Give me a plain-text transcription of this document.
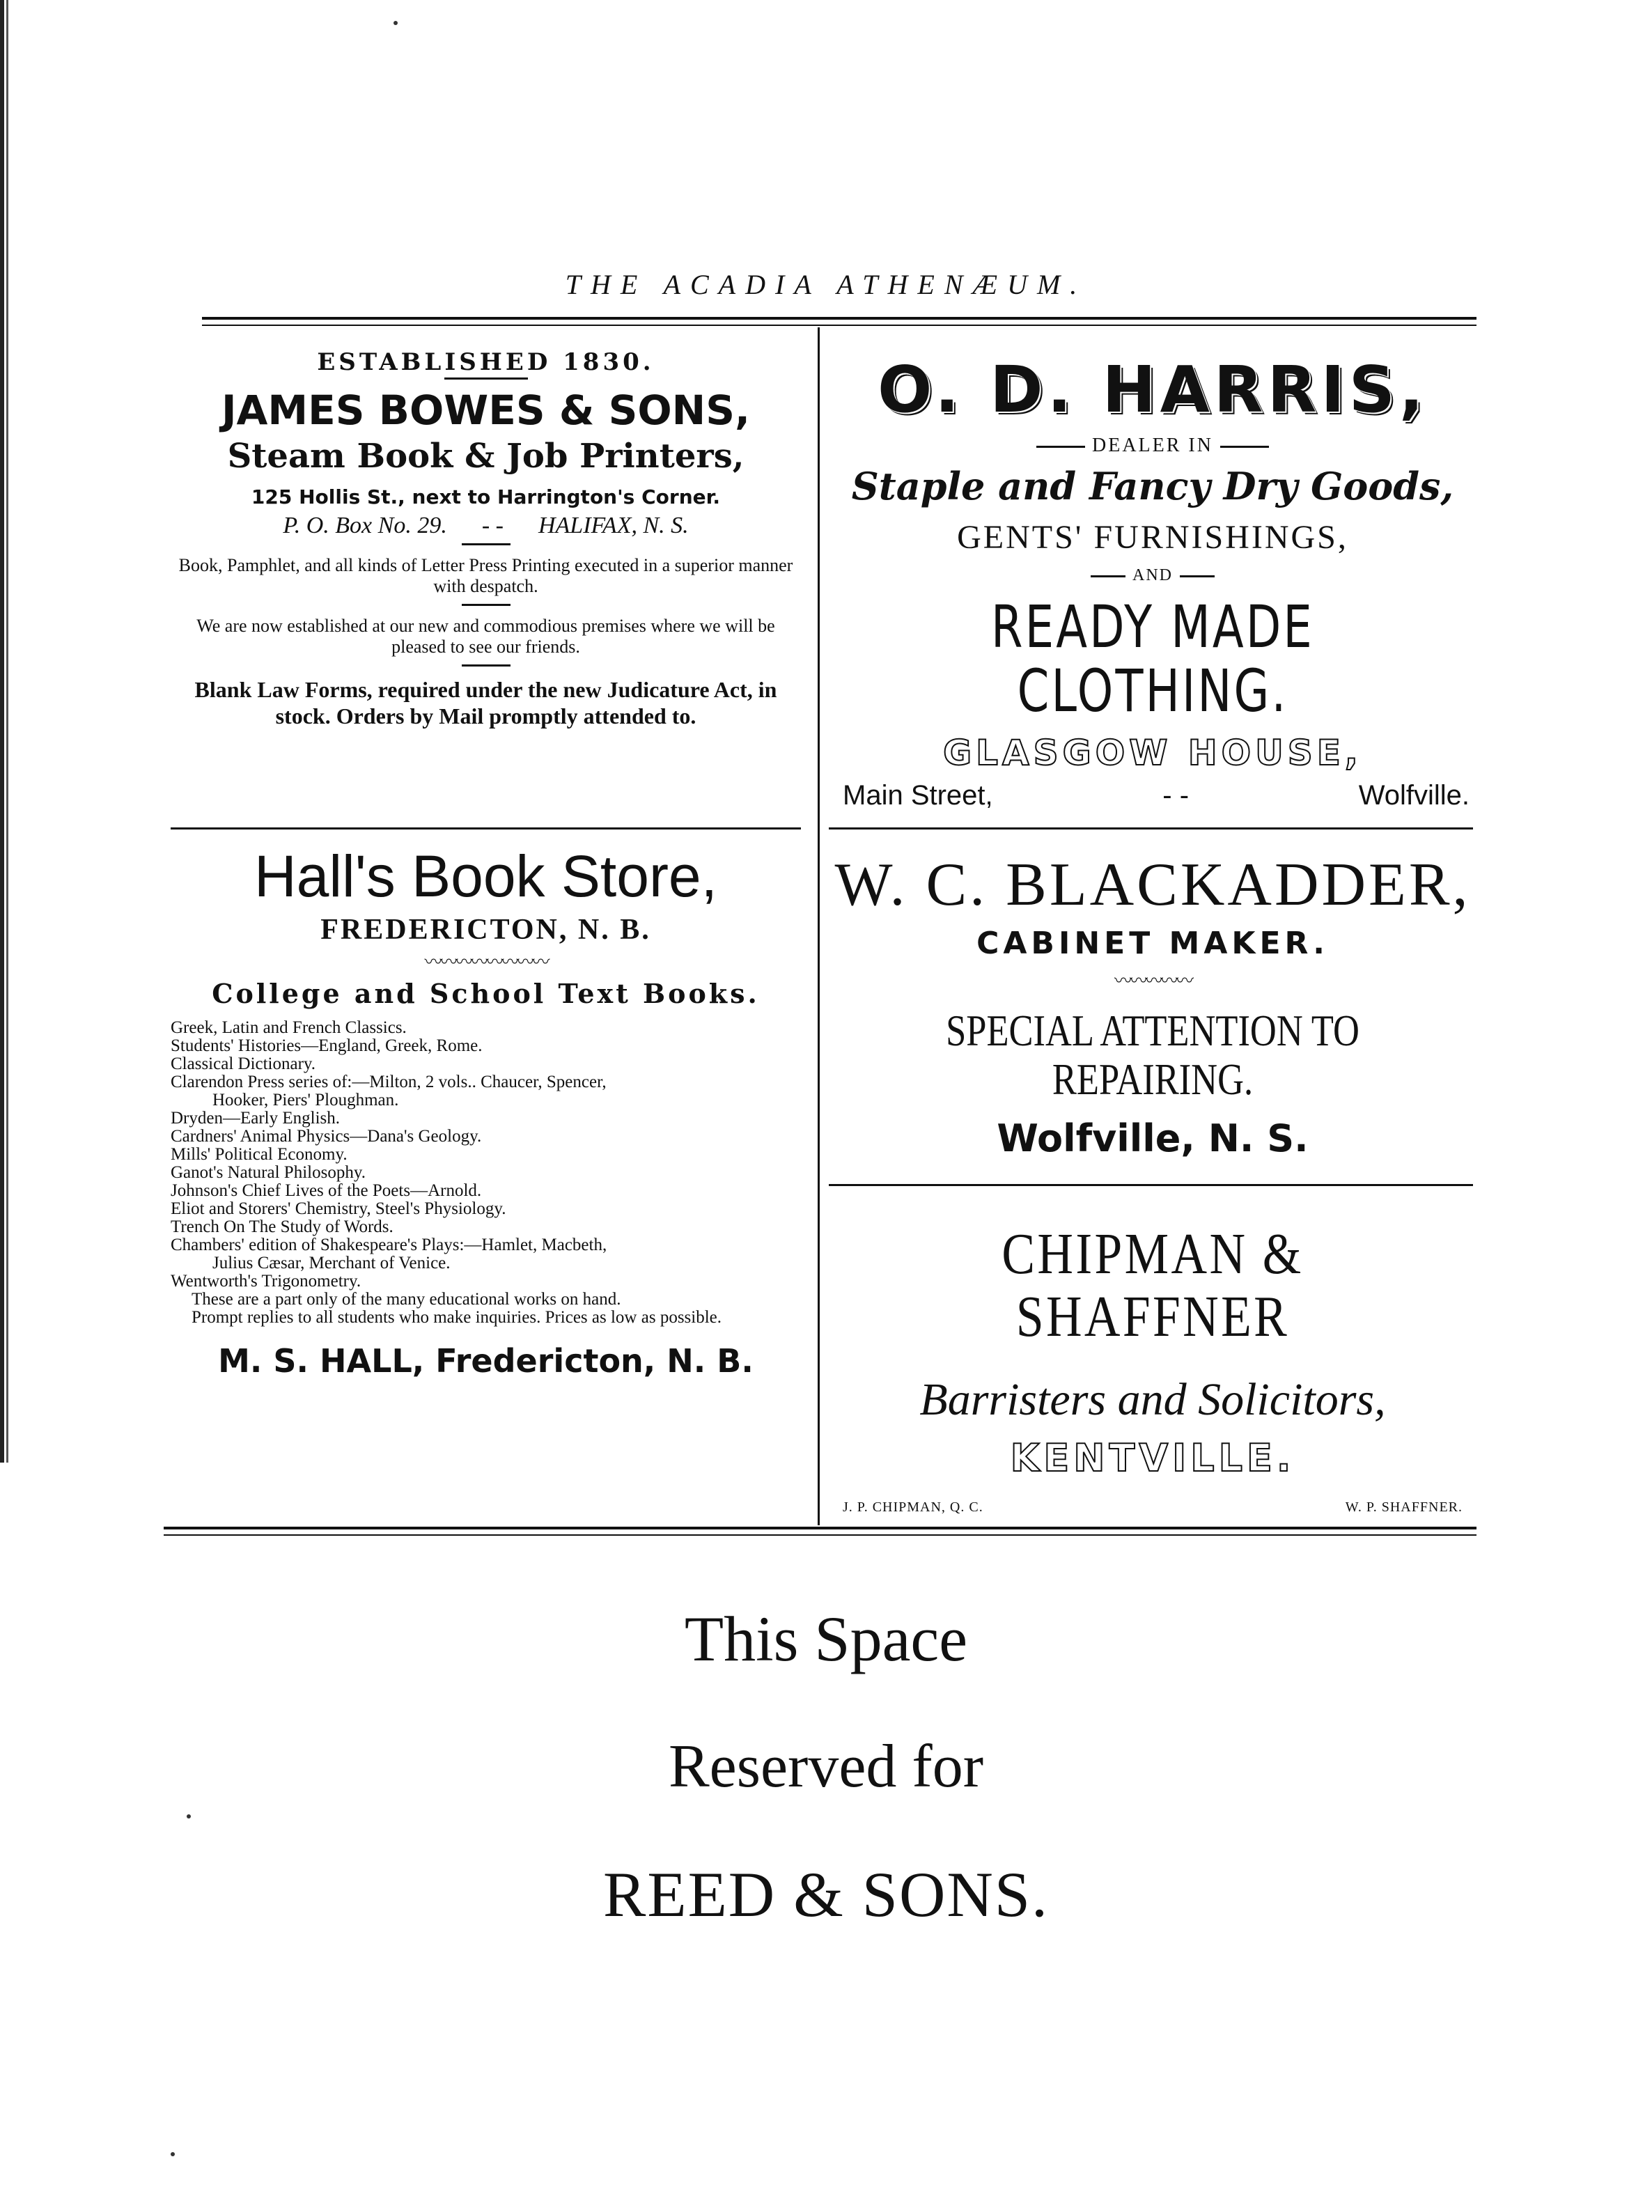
THE ACADIA ATHENÆUM.
ESTABLISHED 1830.
JAMES BOWES & SONS,
Steam Book & Job Printers,
125 Hollis St., next to Harrington's Corner.
P. O. Box No. 29. - - HALIFAX, N. S.
Book, Pamphlet, and all kinds of Letter Press Printing executed in a superior manner with despatch.
We are now established at our new and commodious premises where we will be pleased to see our friends.
Blank Law Forms, required under the new Judicature Act, in stock. Orders by Mail promptly attended to.
Hall's Book Store,
FREDERICTON, N. B.
〰〰〰〰〰〰〰〰
College and School Text Books.
Greek, Latin and French Classics.
Students' Histories—England, Greek, Rome.
Classical Dictionary.
Clarendon Press series of:—Milton, 2 vols.. Chaucer, Spencer,
Hooker, Piers' Ploughman.
Dryden—Early English.
Cardners' Animal Physics—Dana's Geology.
Mills' Political Economy.
Ganot's Natural Philosophy.
Johnson's Chief Lives of the Poets—Arnold.
Eliot and Storers' Chemistry, Steel's Physiology.
Trench On The Study of Words.
Chambers' edition of Shakespeare's Plays:—Hamlet, Macbeth,
Julius Cæsar, Merchant of Venice.
Wentworth's Trigonometry.
These are a part only of the many educational works on hand.
Prompt replies to all students who make inquiries. Prices as low as possible.
M. S. HALL, Fredericton, N. B.
O. D. HARRIS,
DEALER IN
Staple and Fancy Dry Goods,
GENTS' FURNISHINGS,
AND
READY MADE CLOTHING.
GLASGOW HOUSE,
Main Street,	- -	Wolfville.
W. C. BLACKADDER,
CABINET MAKER.
〰〰〰〰〰
SPECIAL ATTENTION TO REPAIRING.
Wolfville, N. S.
CHIPMAN & SHAFFNER
Barristers and Solicitors,
KENTVILLE.
J. P. CHIPMAN, Q. C.	W. P. SHAFFNER.
This Space
Reserved for
REED & SONS.
